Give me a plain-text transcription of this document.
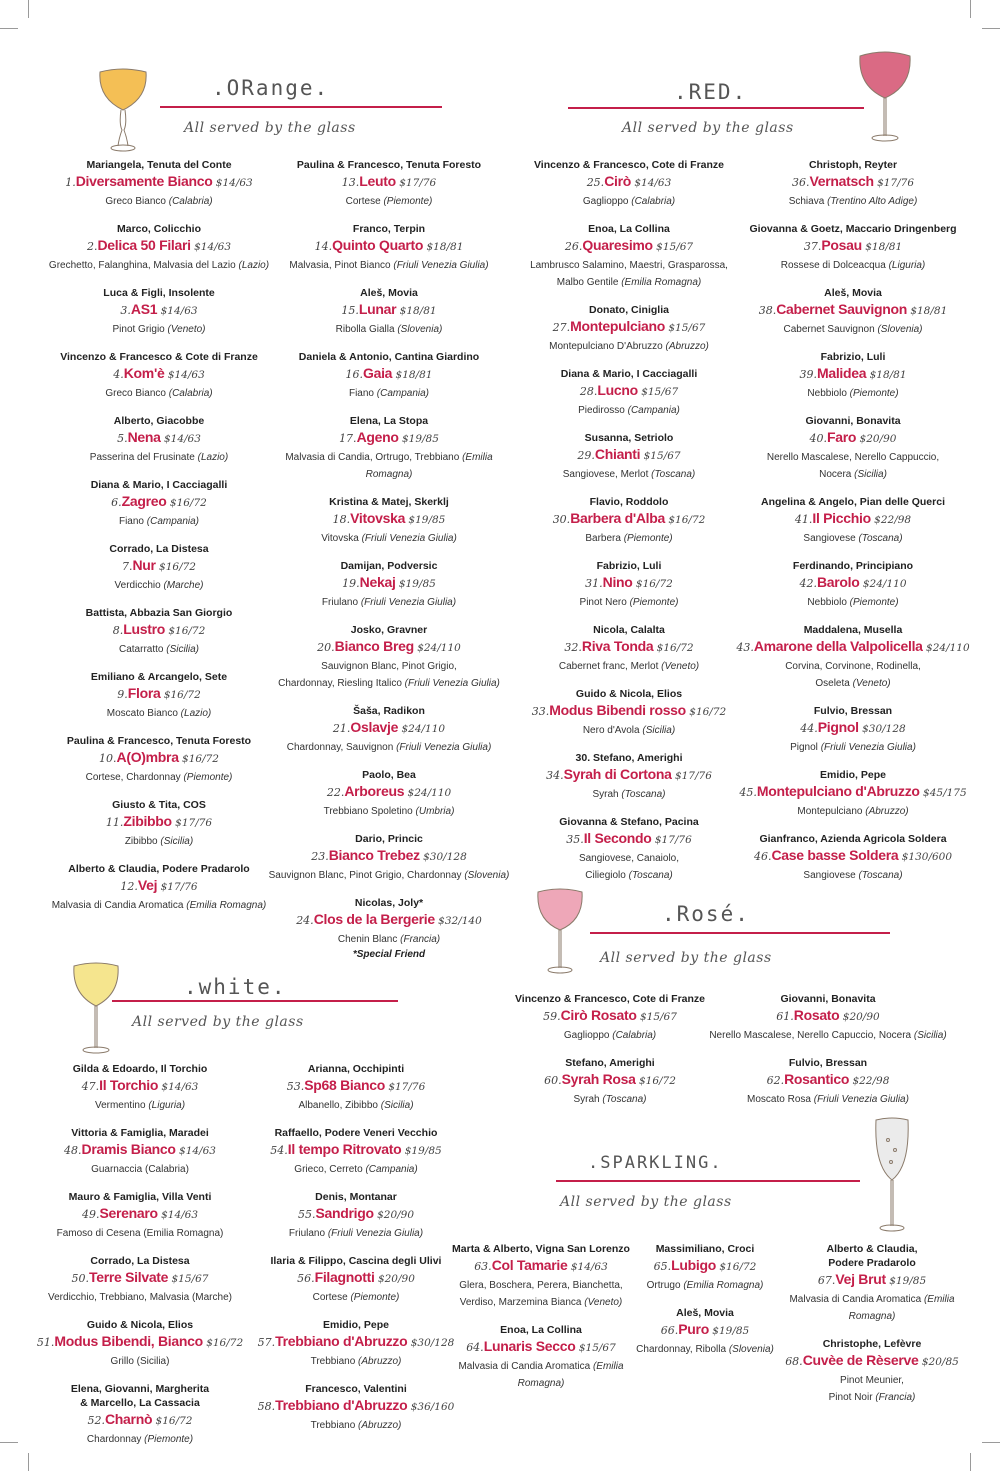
.ORange.
All served by the glass
.RED.
All served by the glass
.Rosé.
All served by the glass
.white.
All served by the glass
.SPARKLING.
All served by the glass
Mariangela, Tenuta del Conte
1.Diversamente Bianco $14/63
Greco Bianco (Calabria)
Marco, Colicchio
2.Delica 50 Filari $14/63
Grechetto, Falanghina, Malvasia del Lazio (Lazio)
Luca & Figli, Insolente
3.AS1 $14/63
Pinot Grigio (Veneto)
Vincenzo & Francesco & Cote di Franze
4.Kom'è $14/63
Greco Bianco (Calabria)
Alberto, Giacobbe
5.Nena $14/63
Passerina del Frusinate (Lazio)
Diana & Mario, I Cacciagalli
6.Zagreo $16/72
Fiano (Campania)
Corrado, La Distesa
7.Nur $16/72
Verdicchio (Marche)
Battista, Abbazia San Giorgio
8.Lustro $16/72
Catarratto (Sicilia)
Emiliano & Arcangelo, Sete
9.Flora $16/72
Moscato Bianco (Lazio)
Paulina & Francesco, Tenuta Foresto
10.A(O)mbra $16/72
Cortese, Chardonnay (Piemonte)
Giusto & Tita, COS
11.Zibibbo $17/76
Zibibbo (Sicilia)
Alberto & Claudia, Podere Pradarolo
12.Vej $17/76
Malvasia di Candia Aromatica (Emilia Romagna)
Paulina & Francesco, Tenuta Foresto
13.Leuto $17/76
Cortese (Piemonte)
Franco, Terpin
14.Quinto Quarto $18/81
Malvasia, Pinot Bianco (Friuli Venezia Giulia)
Aleš, Movia
15.Lunar $18/81
Ribolla Gialla (Slovenia)
Daniela & Antonio, Cantina Giardino
16.Gaia $18/81
Fiano (Campania)
Elena, La Stopa
17.Ageno $19/85
Malvasia di Candia, Ortrugo, Trebbiano (Emilia Romagna)
Kristina & Matej, Skerklj
18.Vitovska $19/85
Vitovska (Friuli Venezia Giulia)
Damijan, Podversic
19.Nekaj $19/85
Friulano (Friuli Venezia Giulia)
Josko, Gravner
20.Bianco Breg $24/110
Sauvignon Blanc, Pinot Grigio,
Chardonnay, Riesling Italico (Friuli Venezia Giulia)
Šaša, Radikon
21.Oslavje $24/110
Chardonnay, Sauvignon (Friuli Venezia Giulia)
Paolo, Bea
22.Arboreus $24/110
Trebbiano Spoletino (Umbria)
Dario, Princic
23.Bianco Trebez $30/128
Sauvignon Blanc, Pinot Grigio, Chardonnay (Slovenia)
Nicolas, Joly*
24.Clos de la Bergerie $32/140
Chenin Blanc (Francia)
*Special Friend
Vincenzo & Francesco, Cote di Franze
25.Cirò $14/63
Gaglioppo (Calabria)
Enoa, La Collina
26.Quaresimo $15/67
Lambrusco Salamino, Maestri, Grasparossa,
Malbo Gentile (Emilia Romagna)
Donato, Ciniglia
27.Montepulciano $15/67
Montepulciano D'Abruzzo (Abruzzo)
Diana & Mario, I Cacciagalli
28.Lucno $15/67
Piedirosso (Campania)
Susanna, Setriolo
29.Chianti $15/67
Sangiovese, Merlot (Toscana)
Flavio, Roddolo
30.Barbera d'Alba $16/72
Barbera (Piemonte)
Fabrizio, Luli
31.Nino $16/72
Pinot Nero (Piemonte)
Nicola, Calalta
32.Riva Tonda $16/72
Cabernet franc, Merlot (Veneto)
Guido & Nicola, Elios
33.Modus Bibendi rosso $16/72
Nero d'Avola (Sicilia)
30. Stefano, Amerighi
34.Syrah di Cortona $17/76
Syrah (Toscana)
Giovanna & Stefano, Pacina
35.Il Secondo $17/76
Sangiovese, Canaiolo,
Ciliegiolo (Toscana)
Christoph, Reyter
36.Vernatsch $17/76
Schiava (Trentino Alto Adige)
Giovanna & Goetz, Maccario Dringenberg
37.Posau $18/81
Rossese di Dolceacqua (Liguria)
Aleš, Movia
38.Cabernet Sauvignon $18/81
Cabernet Sauvignon (Slovenia)
Fabrizio, Luli
39.Malidea $18/81
Nebbiolo (Piemonte)
Giovanni, Bonavita
40.Faro $20/90
Nerello Mascalese, Nerello Cappuccio,
Nocera (Sicilia)
Angelina & Angelo, Pian delle Querci
41.Il Picchio $22/98
Sangiovese (Toscana)
Ferdinando, Principiano
42.Barolo $24/110
Nebbiolo (Piemonte)
Maddalena, Musella
43.Amarone della Valpolicella $24/110
Corvina, Corvinone, Rodinella,
Oseleta (Veneto)
Fulvio, Bressan
44.Pignol $30/128
Pignol (Friuli Venezia Giulia)
Emidio, Pepe
45.Montepulciano d'Abruzzo $45/175
Montepulciano (Abruzzo)
Gianfranco, Azienda Agricola Soldera
46.Case basse Soldera $130/600
Sangiovese (Toscana)
Gilda & Edoardo, Il Torchio
47.Il Torchio $14/63
Vermentino (Liguria)
Vittoria & Famiglia, Maradei
48.Dramis Bianco $14/63
Guarnaccia (Calabria)
Mauro & Famiglia, Villa Venti
49.Serenaro $14/63
Famoso di Cesena (Emilia Romagna)
Corrado, La Distesa
50.Terre Silvate $15/67
Verdicchio, Trebbiano, Malvasia (Marche)
Guido & Nicola, Elios
51.Modus Bibendi, Bianco $16/72
Grillo (Sicilia)
Elena, Giovanni, Margherita
& Marcello, La Cassacia
52.Charnò $16/72
Chardonnay (Piemonte)
Arianna, Occhipinti
53.Sp68 Bianco $17/76
Albanello, Zibibbo (Sicilia)
Raffaello, Podere Veneri Vecchio
54.Il tempo Ritrovato $19/85
Grieco, Cerreto (Campania)
Denis, Montanar
55.Sandrigo $20/90
Friulano (Friuli Venezia Giulia)
Ilaria & Filippo, Cascina degli Ulivi
56.Filagnotti $20/90
Cortese (Piemonte)
Emidio, Pepe
57.Trebbiano d'Abruzzo $30/128
Trebbiano (Abruzzo)
Francesco, Valentini
58.Trebbiano d'Abruzzo $36/160
Trebbiano (Abruzzo)
Vincenzo & Francesco, Cote di Franze
59.Cirò Rosato $15/67
Gaglioppo (Calabria)
Stefano, Amerighi
60.Syrah Rosa $16/72
Syrah (Toscana)
Giovanni, Bonavita
61.Rosato $20/90
Nerello Mascalese, Nerello Capuccio, Nocera (Sicilia)
Fulvio, Bressan
62.Rosantico $22/98
Moscato Rosa (Friuli Venezia Giulia)
Marta & Alberto, Vigna San Lorenzo
63.Col Tamarie $14/63
Glera, Boschera, Perera, Bianchetta,
Verdiso, Marzemina Bianca (Veneto)
Enoa, La Collina
64.Lunaris Secco $15/67
Malvasia di Candia Aromatica (Emilia Romagna)
Massimiliano, Croci
65.Lubigo $16/72
Ortrugo (Emilia Romagna)
Aleš, Movia
66.Puro $19/85
Chardonnay, Ribolla (Slovenia)
Alberto & Claudia,
Podere Pradarolo
67.Vej Brut $19/85
Malvasia di Candia Aromatica (Emilia Romagna)
Christophe, Lefèvre
68.Cuvèe de Rèserve $20/85
Pinot Meunier,
Pinot Noir (Francia)
